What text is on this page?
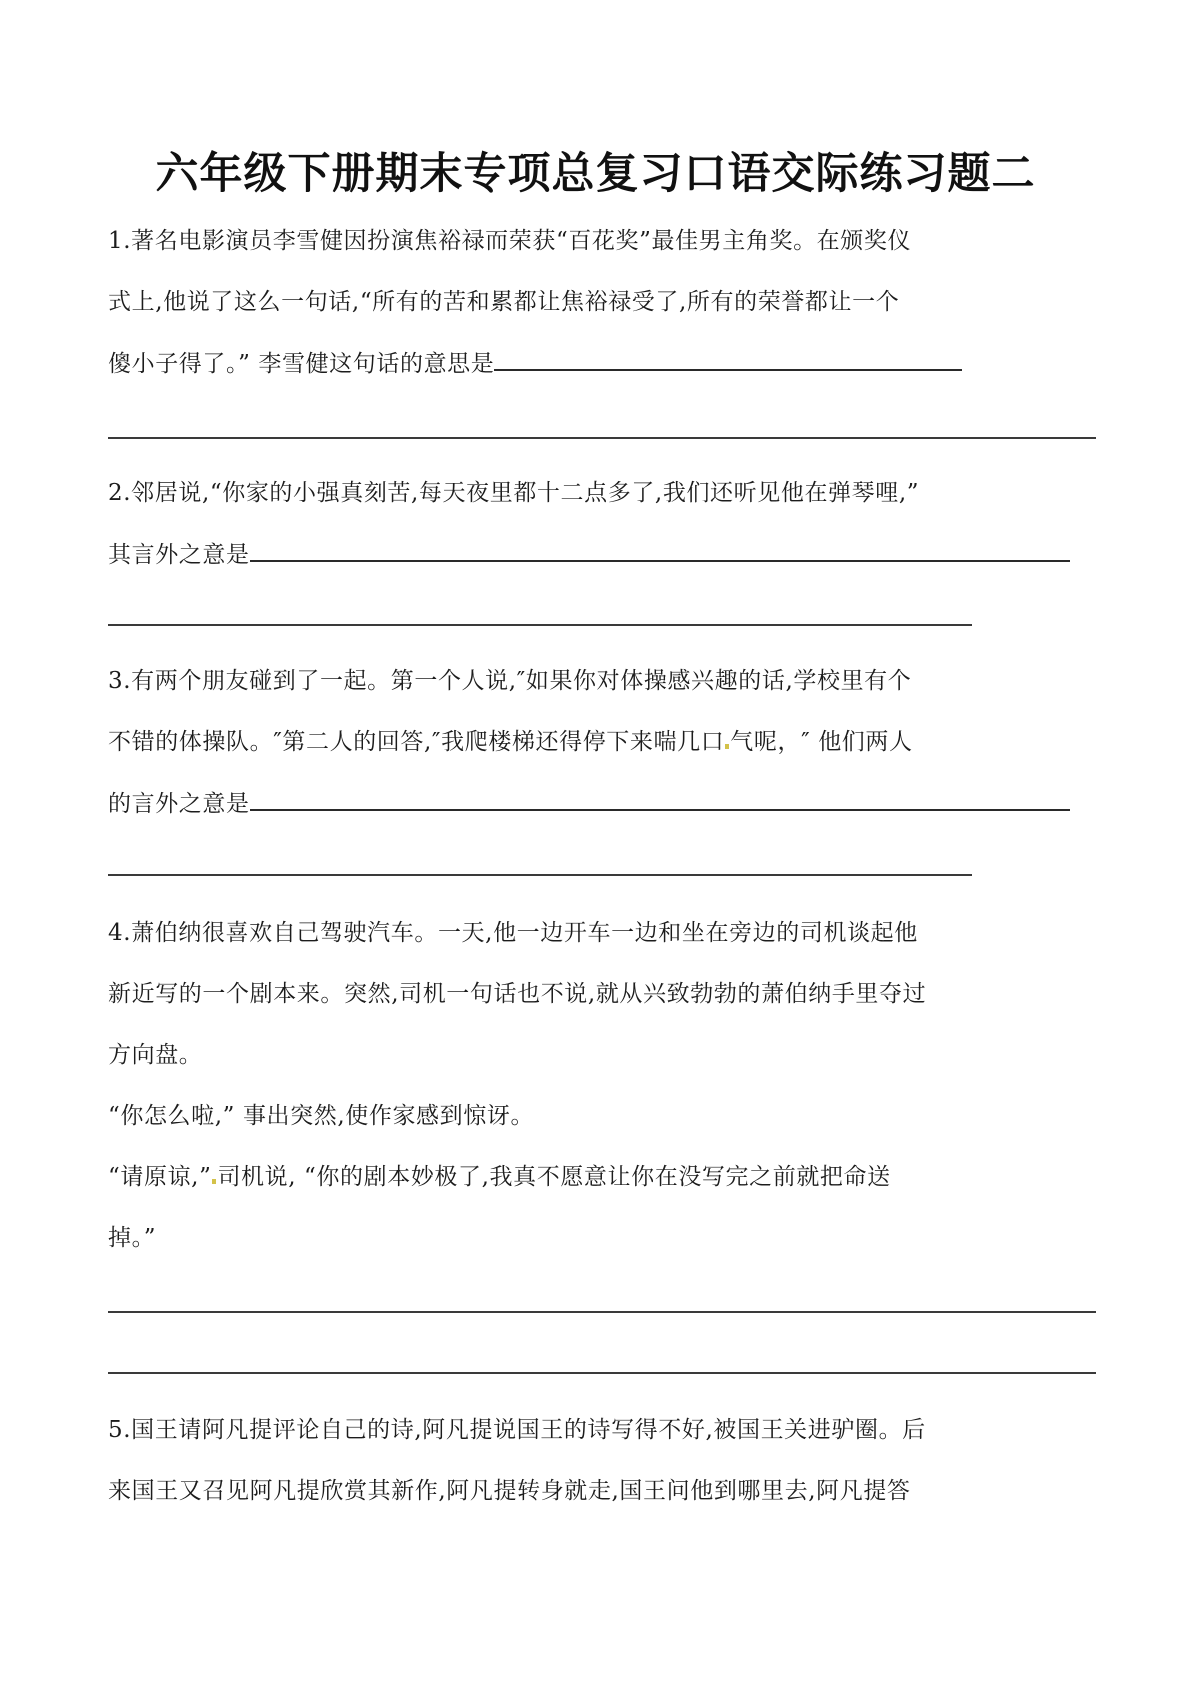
六年级下册期末专项总复习口语交际练习题二
1.著名电影演员李雪健因扮演焦裕禄而荣获“百花奖”最佳男主角奖。在颁奖仪
式上,他说了这么一句话,“所有的苦和累都让焦裕禄受了,所有的荣誉都让一个
傻小子得了。” 李雪健这句话的意思是
2.邻居说,“你家的小强真刻苦,每天夜里都十二点多了,我们还听见他在弹琴哩,”
其言外之意是
3.有两个朋友碰到了一起。第一个人说,″如果你对体操感兴趣的话,学校里有个
不错的体操队。″第二人的回答,″我爬楼梯还得停下来喘几口 气呢，″ 他们两人
的言外之意是
4.萧伯纳很喜欢自己驾驶汽车。一天,他一边开车一边和坐在旁边的司机谈起他
新近写的一个剧本来。突然,司机一句话也不说,就从兴致勃勃的萧伯纳手里夺过
方向盘。
“你怎么啦,” 事出突然,使作家感到惊讶。
“请原谅,” 司机说, “你的剧本妙极了,我真不愿意让你在没写完之前就把命送
掉。”
5.国王请阿凡提评论自己的诗,阿凡提说国王的诗写得不好,被国王关进驴圈。后
来国王又召见阿凡提欣赏其新作,阿凡提转身就走,国王问他到哪里去,阿凡提答
